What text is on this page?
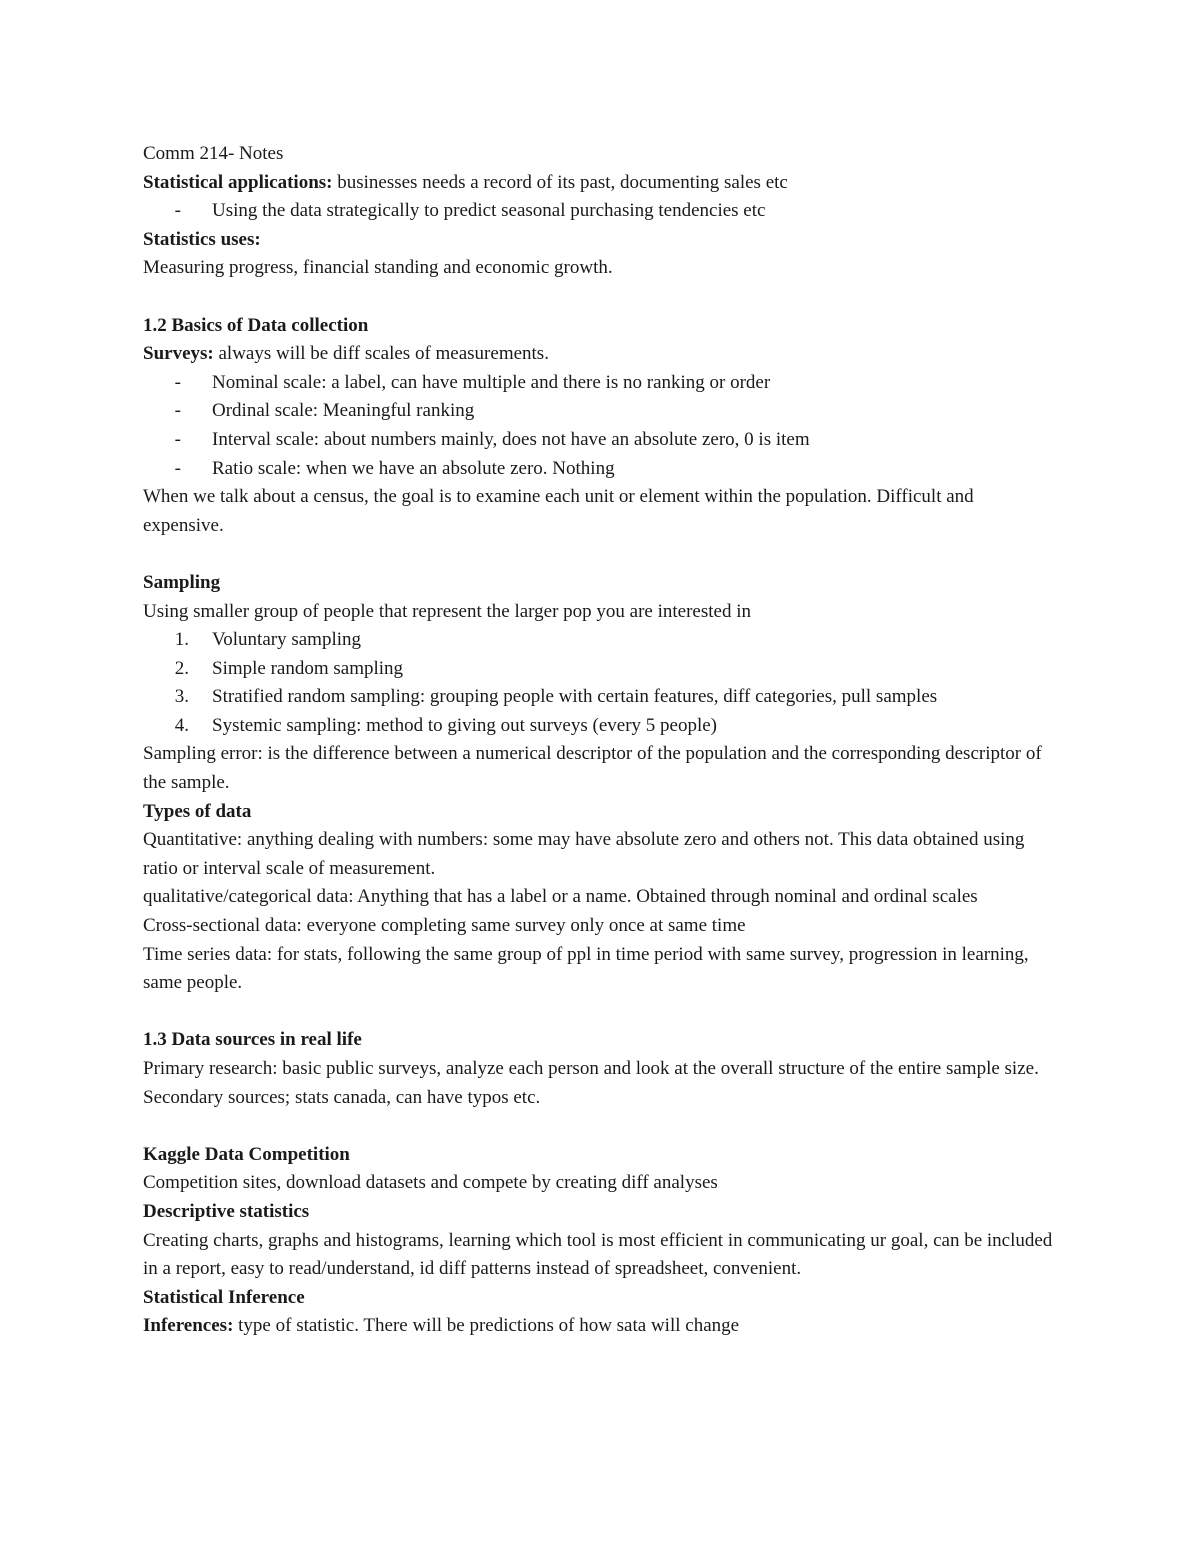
Comm 214- Notes

Statistical applications: businesses needs a record of its past, documenting sales etc

- Using the data strategically to predict seasonal purchasing tendencies etc

Statistics uses:

Measuring progress, financial standing and economic growth.

1.2 Basics of Data collection

Surveys: always will be diff scales of measurements.

- Nominal scale: a label, can have multiple and there is no ranking or order
- Ordinal scale: Meaningful ranking
- Interval scale: about numbers mainly, does not have an absolute zero, 0 is item
- Ratio scale: when we have an absolute zero. Nothing

When we talk about a census, the goal is to examine each unit or element within the population. Difficult and expensive.

Sampling

Using smaller group of people that represent the larger pop you are interested in

1. Voluntary sampling
2. Simple random sampling
3. Stratified random sampling: grouping people with certain features, diff categories, pull samples
4. Systemic sampling: method to giving out surveys (every 5 people)

Sampling error: is the difference between a numerical descriptor of the population and the corresponding descriptor of the sample.

Types of data

Quantitative: anything dealing with numbers: some may have absolute zero and others not. This data obtained using ratio or interval scale of measurement.

qualitative/categorical data: Anything that has a label or a name. Obtained through nominal and ordinal scales

Cross-sectional data: everyone completing same survey only once at same time

Time series data: for stats, following the same group of ppl in time period with same survey, progression in learning, same people.

1.3 Data sources in real life

Primary research: basic public surveys, analyze each person and look at the overall structure of the entire sample size.

Secondary sources; stats canada, can have typos etc.

Kaggle Data Competition

Competition sites, download datasets and compete by creating diff analyses

Descriptive statistics

Creating charts, graphs and histograms, learning which tool is most efficient in communicating ur goal, can be included in a report, easy to read/understand, id diff patterns instead of spreadsheet, convenient.

Statistical Inference

Inferences: type of statistic. There will be predictions of how sata will change
